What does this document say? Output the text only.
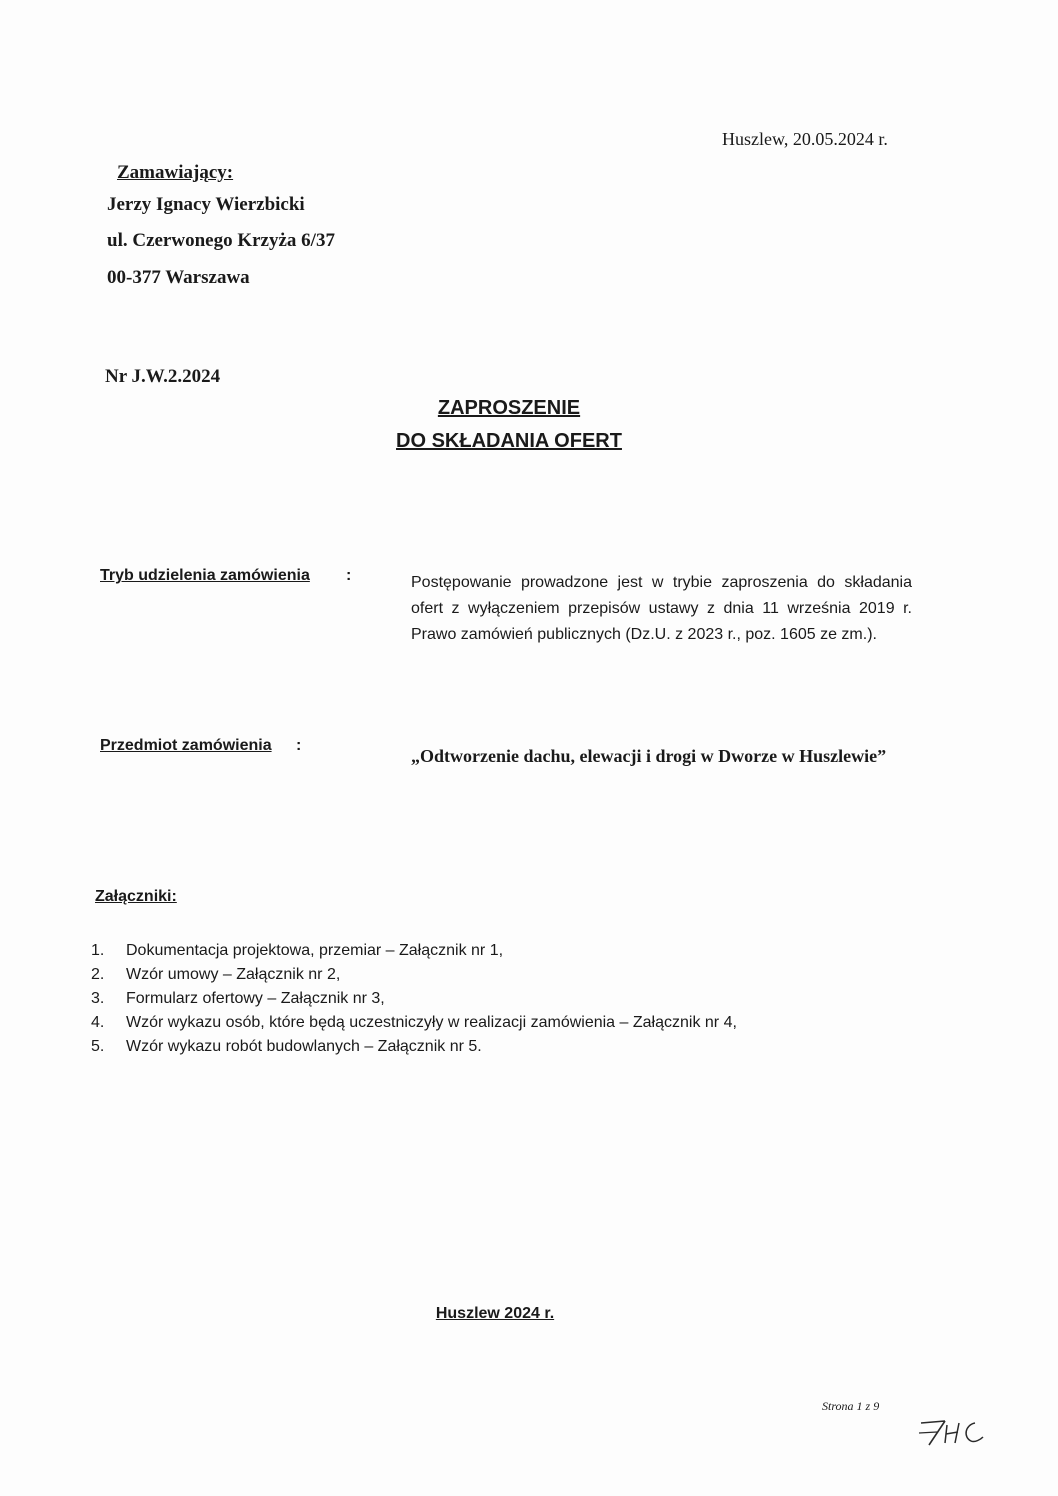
Huszlew, 20.05.2024 r.
Zamawiający:
Jerzy Ignacy Wierzbicki
ul. Czerwonego Krzyża 6/37
00-377 Warszawa
Nr J.W.2.2024
ZAPROSZENIE
DO SKŁADANIA OFERT
Tryb udzielenia zamówienia :	Postępowanie prowadzone jest w trybie zaproszenia do składania ofert z wyłączeniem przepisów ustawy z dnia 11 września 2019 r. Prawo zamówień publicznych (Dz.U. z 2023 r., poz. 1605 ze zm.).
Przedmiot zamówienia :
„Odtworzenie dachu, elewacji i drogi w Dworze w Huszlewie”
Załączniki:
1. Dokumentacja projektowa, przemiar – Załącznik nr 1,
2. Wzór umowy – Załącznik nr 2,
3. Formularz ofertowy – Załącznik nr 3,
4. Wzór wykazu osób, które będą uczestniczyły w realizacji zamówienia – Załącznik nr 4,
5. Wzór wykazu robót budowlanych – Załącznik nr 5.
Huszlew 2024 r.
Strona 1 z 9
